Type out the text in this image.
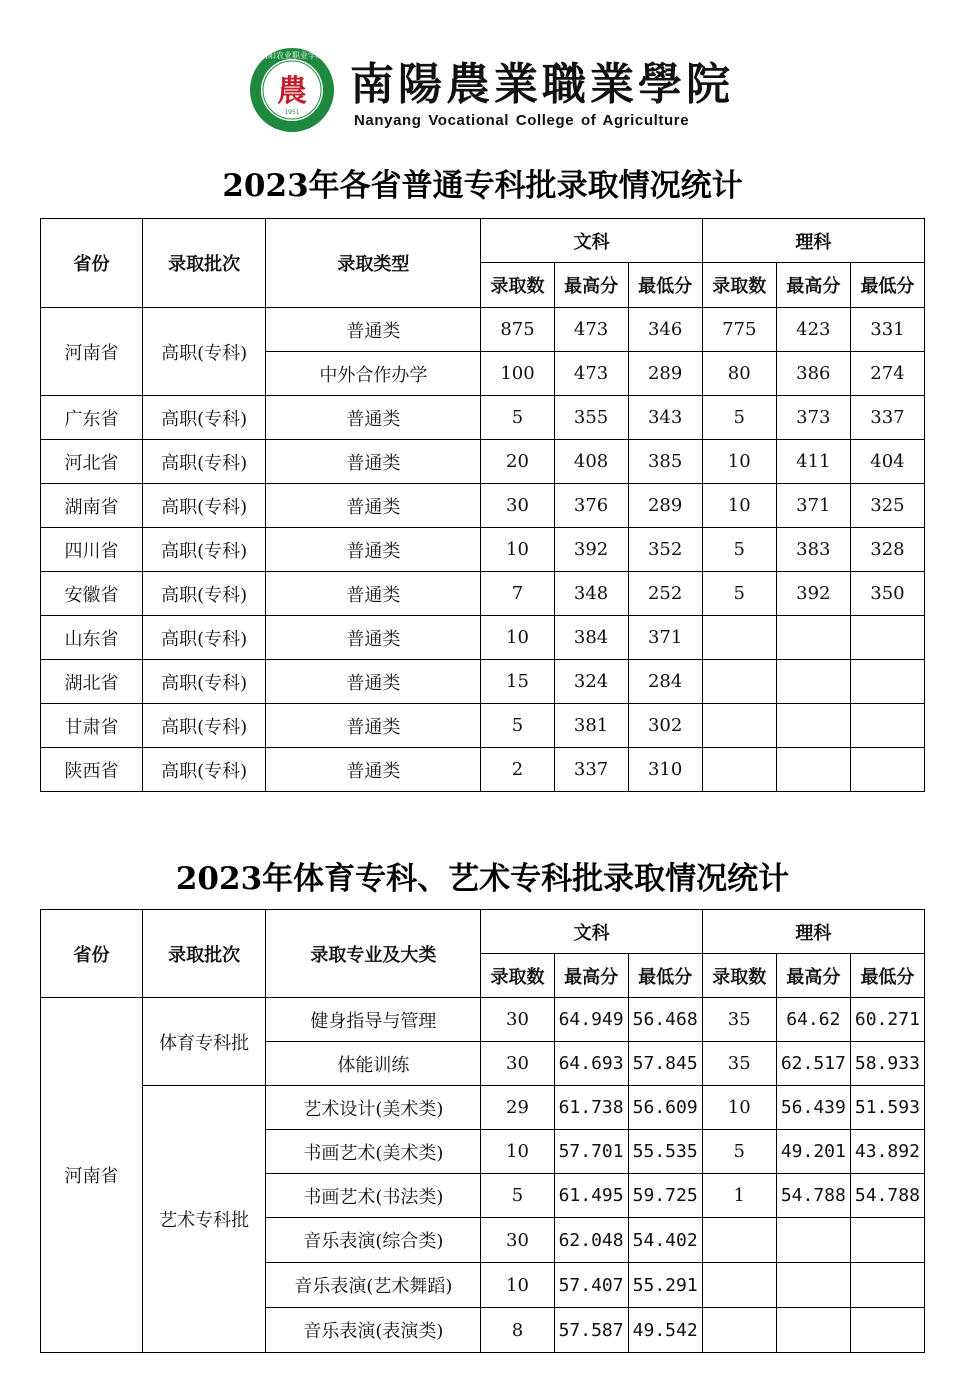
南阳农业职业学院
農
1951
南陽農業職業學院
Nanyang Vocational College of Agriculture
2023年各省普通专科批录取情况统计
省份	录取批次	录取类型	文科			理科		
			录取数	最高分	最低分	录取数	最高分	最低分
河南省	高职(专科)	普通类	875	473	346	775	423	331
		中外合作办学	100	473	289	80	386	274
广东省	高职(专科)	普通类	5	355	343	5	373	337
河北省	高职(专科)	普通类	20	408	385	10	411	404
湖南省	高职(专科)	普通类	30	376	289	10	371	325
四川省	高职(专科)	普通类	10	392	352	5	383	328
安徽省	高职(专科)	普通类	7	348	252	5	392	350
山东省	高职(专科)	普通类	10	384	371			
湖北省	高职(专科)	普通类	15	324	284			
甘肃省	高职(专科)	普通类	5	381	302			
陕西省	高职(专科)	普通类	2	337	310			
2023年体育专科、艺术专科批录取情况统计
省份	录取批次	录取专业及大类	文科			理科		
			录取数	最高分	最低分	录取数	最高分	最低分
河南省	体育专科批	健身指导与管理	30	64.949	56.468	35	64.62	60.271
		体能训练	30	64.693	57.845	35	62.517	58.933
	艺术专科批	艺术设计(美术类)	29	61.738	56.609	10	56.439	51.593
		书画艺术(美术类)	10	57.701	55.535	5	49.201	43.892
		书画艺术(书法类)	5	61.495	59.725	1	54.788	54.788
		音乐表演(综合类)	30	62.048	54.402			
		音乐表演(艺术舞蹈)	10	57.407	55.291			
		音乐表演(表演类)	8	57.587	49.542			
